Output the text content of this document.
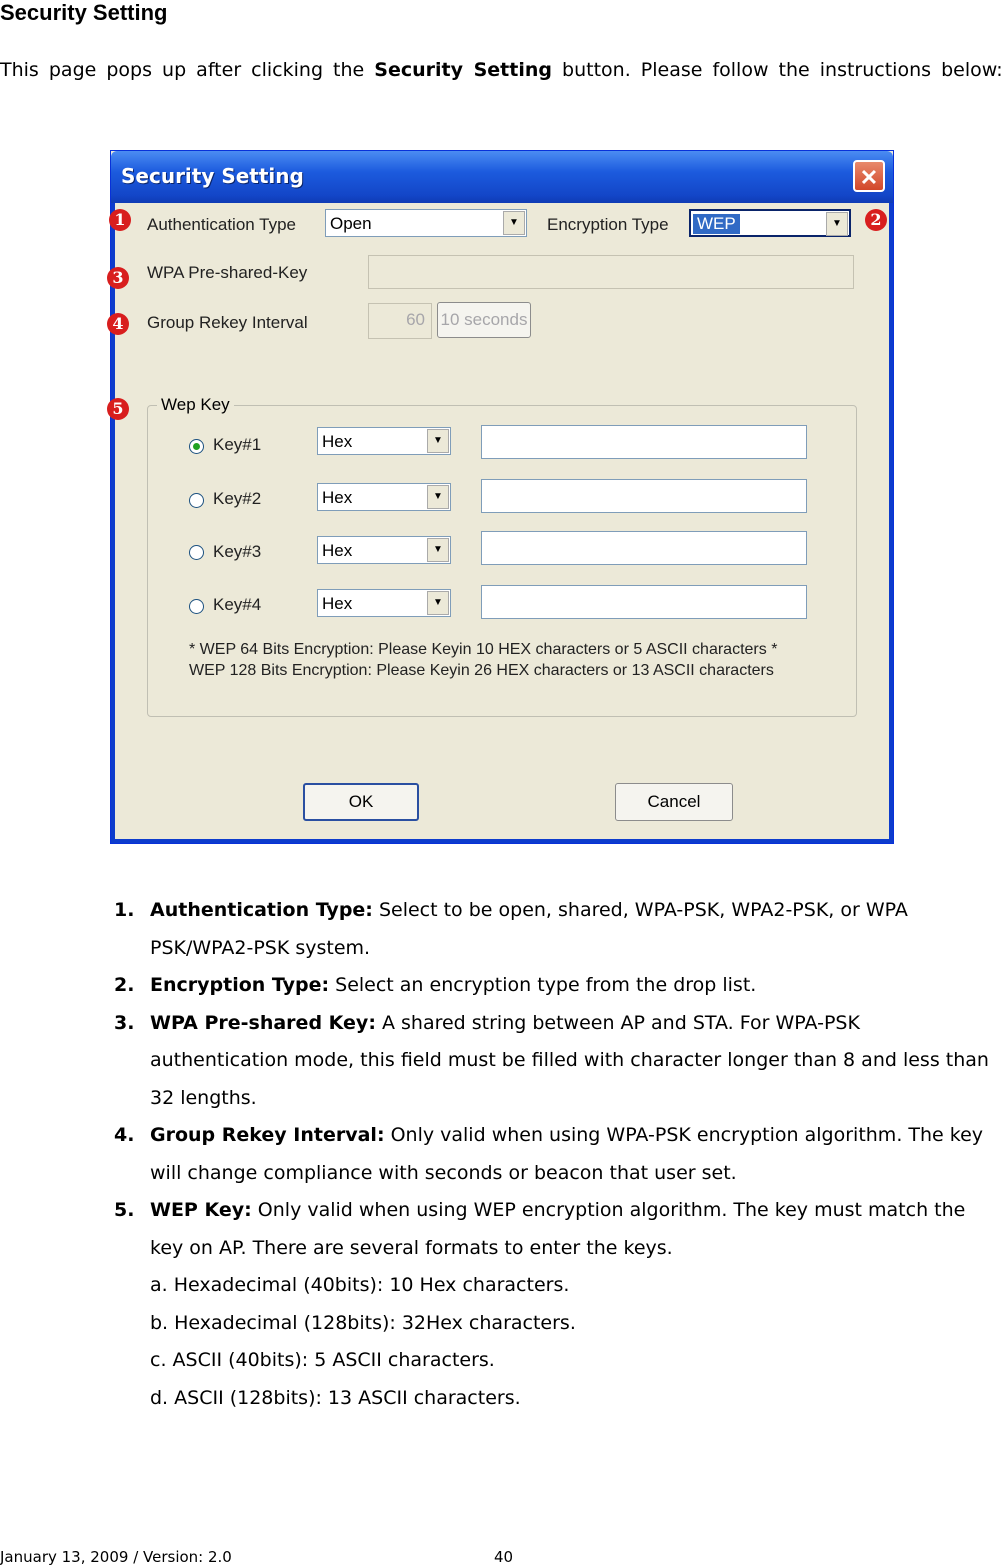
Security Setting
This page pops up after clicking the Security Setting button. Please follow the instructions below:
Security Setting	✕
Authentication Type Open	▼	Encryption Type WEP	▼
WPA Pre-shared-Key
Group Rekey Interval	60 10 seconds
Wep Key
Key#1	Hex	▼
Key#2	Hex	▼
Key#3	Hex	▼
Key#4	Hex	▼
* WEP 64 Bits Encryption: Please Keyin 10 HEX characters or 5 ASCII characters *
WEP 128 Bits Encryption: Please Keyin 26 HEX characters or 13 ASCII characters
OK	Cancel
1	2
3
4
5
1. Authentication Type: Select to be open, shared, WPA-PSK, WPA2-PSK, or WPA PSK/WPA2-PSK system.
2. Encryption Type: Select an encryption type from the drop list.
3. WPA Pre-shared Key: A shared string between AP and STA. For WPA-PSK authentication mode, this field must be filled with character longer than 8 and less than 32 lengths.
4. Group Rekey Interval: Only valid when using WPA-PSK encryption algorithm. The key will change compliance with seconds or beacon that user set.
5. WEP Key: Only valid when using WEP encryption algorithm. The key must match the key on AP. There are several formats to enter the keys.
a. Hexadecimal (40bits): 10 Hex characters.
b. Hexadecimal (128bits): 32Hex characters.
c. ASCII (40bits): 5 ASCII characters.
d. ASCII (128bits): 13 ASCII characters.
January 13, 2009 / Version: 2.0	40
